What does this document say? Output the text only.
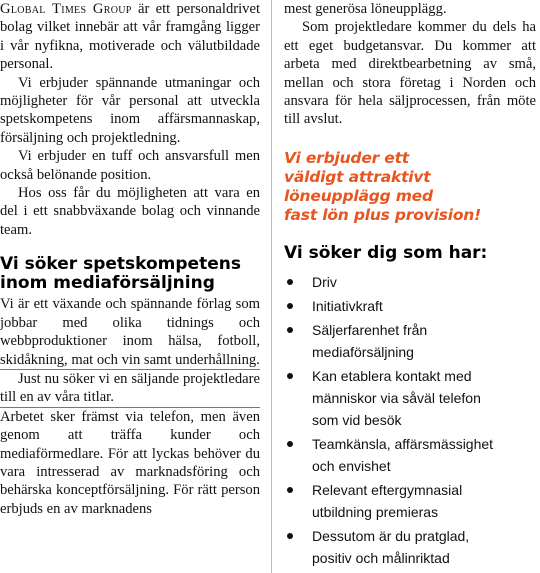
Global Times Group är ett personaldrivet bolag vilket innebär att vår framgång ligger i vår nyfikna, motiverade och välutbildade personal.

Vi erbjuder spännande utmaningar och möjligheter för vår personal att utveckla spetskompetens inom affärsmannaskap, försäljning och projektledning.

Vi erbjuder en tuff och ansvarsfull men också belönande position.

Hos oss får du möjligheten att vara en del i ett snabbväxande bolag och vinnande team.

Vi söker spetskompetens
inom mediaförsäljning

Vi är ett växande och spännande förlag som jobbar med olika tidnings och webbproduktioner inom hälsa, fotboll, skidåkning, mat och vin samt underhållning.

Just nu söker vi en säljande projektledare till en av våra titlar.

Arbetet sker främst via telefon, men även genom att träffa kunder och mediaförmedlare. För att lyckas behöver du vara intresserad av marknadsföring och behärska konceptförsäljning. För rätt person erbjuds en av marknadens

mest generösa löneupplägg.

Som projektledare kommer du dels ha ett eget budgetansvar. Du kommer att arbeta med direktbearbetning av små, mellan och stora företag i Norden och ansvara för hela säljprocessen, från möte till avslut.

Vi erbjuder ett
väldigt attraktivt
löneupplägg med
fast lön plus provision!
Vi söker dig som har:
Driv
Initiativkraft
Säljerfarenhet från
mediaförsäljning
Kan etablera kontakt med
människor via såväl telefon
som vid besök
Teamkänsla, affärsmässighet
och envishet
Relevant eftergymnasial
utbildning premieras
Dessutom är du pratglad,
positiv och målinriktad
